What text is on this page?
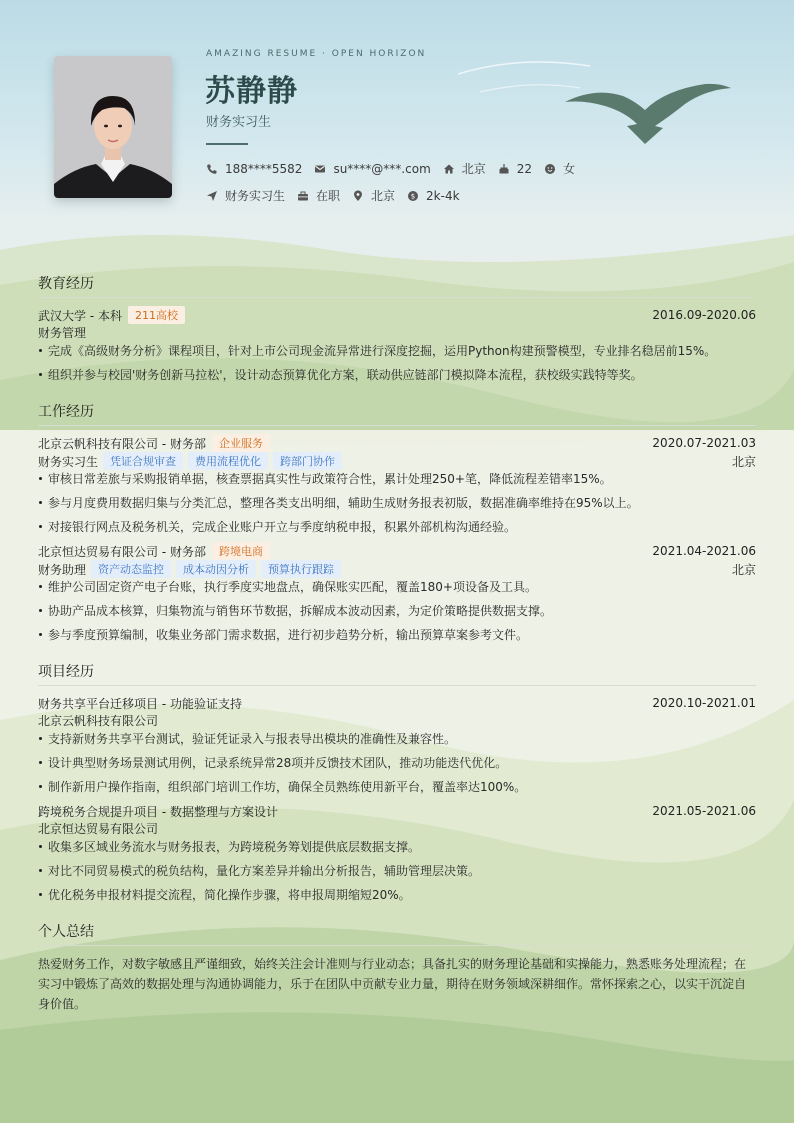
AMAZING RESUME · OPEN HORIZON
苏静静
财务实习生
188****5582	su****@***.com	北京	22	女
财务实习生	在职	北京 $ 2k-4k
教育经历
武汉大学 - 本科	211高校	2016.09-2020.06
财务管理
完成《高级财务分析》课程项目，针对上市公司现金流异常进行深度挖掘，运用Python构建预警模型，专业排名稳居前15%。
组织并参与校园'财务创新马拉松'，设计动态预算优化方案，联动供应链部门模拟降本流程，获校级实践特等奖。
工作经历
北京云帆科技有限公司 - 财务部	企业服务	2020.07-2021.03
财务实习生	凭证合规审查	费用流程优化	跨部门协作	北京
审核日常差旅与采购报销单据，核查票据真实性与政策符合性，累计处理250+笔，降低流程差错率15%。
参与月度费用数据归集与分类汇总，整理各类支出明细，辅助生成财务报表初版，数据准确率维持在95%以上。
对接银行网点及税务机关，完成企业账户开立与季度纳税申报，积累外部机构沟通经验。
北京恒达贸易有限公司 - 财务部	跨境电商	2021.04-2021.06
财务助理	资产动态监控	成本动因分析	预算执行跟踪	北京
维护公司固定资产电子台账，执行季度实地盘点，确保账实匹配，覆盖180+项设备及工具。
协助产品成本核算，归集物流与销售环节数据，拆解成本波动因素，为定价策略提供数据支撑。
参与季度预算编制，收集业务部门需求数据，进行初步趋势分析，输出预算草案参考文件。
项目经历
财务共享平台迁移项目 - 功能验证支持	2020.10-2021.01
北京云帆科技有限公司
支持新财务共享平台测试，验证凭证录入与报表导出模块的准确性及兼容性。
设计典型财务场景测试用例，记录系统异常28项并反馈技术团队，推动功能迭代优化。
制作新用户操作指南，组织部门培训工作坊，确保全员熟练使用新平台，覆盖率达100%。
跨境税务合规提升项目 - 数据整理与方案设计	2021.05-2021.06
北京恒达贸易有限公司
收集多区域业务流水与财务报表，为跨境税务筹划提供底层数据支撑。
对比不同贸易模式的税负结构，量化方案差异并输出分析报告，辅助管理层决策。
优化税务申报材料提交流程，简化操作步骤，将申报周期缩短20%。
个人总结
热爱财务工作，对数字敏感且严谨细致，始终关注会计准则与行业动态；具备扎实的财务理论基础和实操能力，熟悉账务处理流程；在实习中锻炼了高效的数据处理与沟通协调能力，乐于在团队中贡献专业力量，期待在财务领域深耕细作。常怀探索之心，以实干沉淀自身价值。
